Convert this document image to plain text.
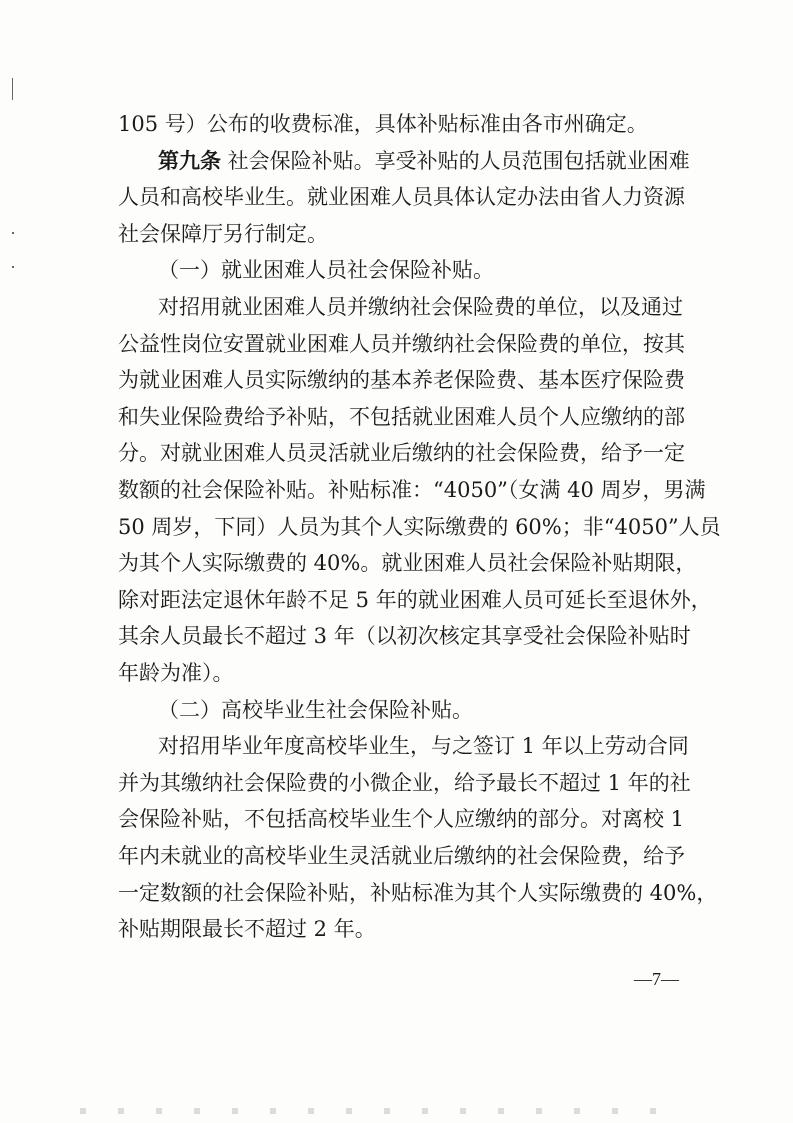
105 号）公布的收费标准，具体补贴标准由各市州确定。
第九条 社会保险补贴。享受补贴的人员范围包括就业困难
人员和高校毕业生。就业困难人员具体认定办法由省人力资源
社会保障厅另行制定。
（一）就业困难人员社会保险补贴。
对招用就业困难人员并缴纳社会保险费的单位，以及通过
公益性岗位安置就业困难人员并缴纳社会保险费的单位，按其
为就业困难人员实际缴纳的基本养老保险费、基本医疗保险费
和失业保险费给予补贴，不包括就业困难人员个人应缴纳的部
分。对就业困难人员灵活就业后缴纳的社会保险费，给予一定
数额的社会保险补贴。补贴标准：“4050”（女满 40 周岁，男满
50 周岁，下同）人员为其个人实际缴费的 60%；非“4050”人员
为其个人实际缴费的 40%。就业困难人员社会保险补贴期限，
除对距法定退休年龄不足 5 年的就业困难人员可延长至退休外，
其余人员最长不超过 3 年（以初次核定其享受社会保险补贴时
年龄为准）。
（二）高校毕业生社会保险补贴。
对招用毕业年度高校毕业生，与之签订 1 年以上劳动合同
并为其缴纳社会保险费的小微企业，给予最长不超过 1 年的社
会保险补贴，不包括高校毕业生个人应缴纳的部分。对离校 1
年内未就业的高校毕业生灵活就业后缴纳的社会保险费，给予
一定数额的社会保险补贴，补贴标准为其个人实际缴费的 40%，
补贴期限最长不超过 2 年。
—7—
